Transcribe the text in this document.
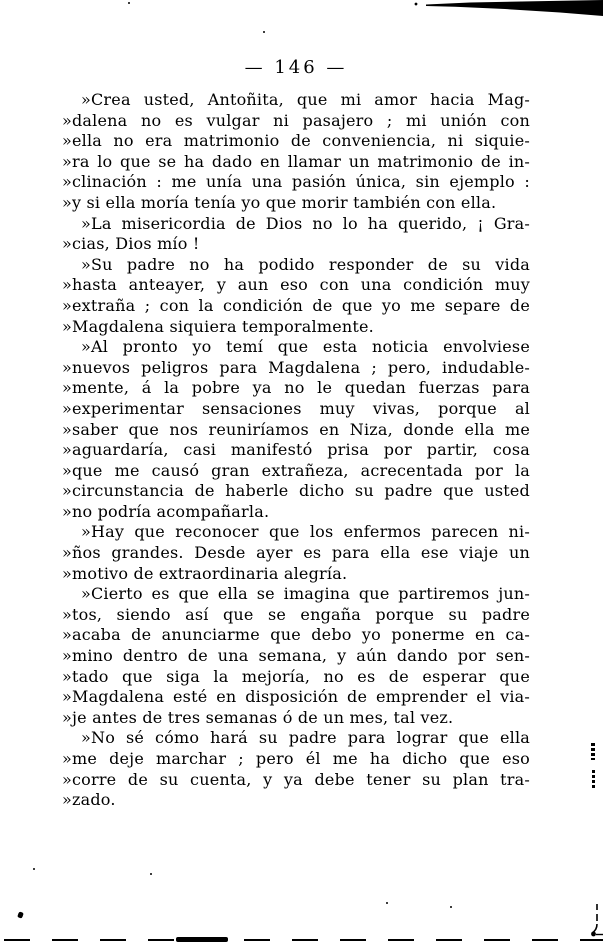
— 146 —
»Crea usted, Antoñita, que mi amor hacia Mag-
»dalena no es vulgar ni pasajero ; mi unión con
»ella no era matrimonio de conveniencia, ni siquie-
»ra lo que se ha dado en llamar un matrimonio de in-
»clinación : me unía una pasión única, sin ejemplo :
»y si ella moría tenía yo que morir también con ella.
»La misericordia de Dios no lo ha querido, ¡ Gra-
»cias, Dios mío !
»Su padre no ha podido responder de su vida
»hasta anteayer, y aun eso con una condición muy
»extraña ; con la condición de que yo me separe de
»Magdalena siquiera temporalmente.
»Al pronto yo temí que esta noticia envolviese
»nuevos peligros para Magdalena ; pero, indudable-
»mente, á la pobre ya no le quedan fuerzas para
»experimentar sensaciones muy vivas, porque al
»saber que nos reuniríamos en Niza, donde ella me
»aguardaría, casi manifestó prisa por partir, cosa
»que me causó gran extrañeza, acrecentada por la
»circunstancia de haberle dicho su padre que usted
»no podría acompañarla.
»Hay que reconocer que los enfermos parecen ni-
»ños grandes. Desde ayer es para ella ese viaje un
»motivo de extraordinaria alegría.
»Cierto es que ella se imagina que partiremos jun-
»tos, siendo así que se engaña porque su padre
»acaba de anunciarme que debo yo ponerme en ca-
»mino dentro de una semana, y aún dando por sen-
»tado que siga la mejoría, no es de esperar que
»Magdalena esté en disposición de emprender el via-
»je antes de tres semanas ó de un mes, tal vez.
»No sé cómo hará su padre para lograr que ella
»me deje marchar ; pero él me ha dicho que eso
»corre de su cuenta, y ya debe tener su plan tra-
»zado.
